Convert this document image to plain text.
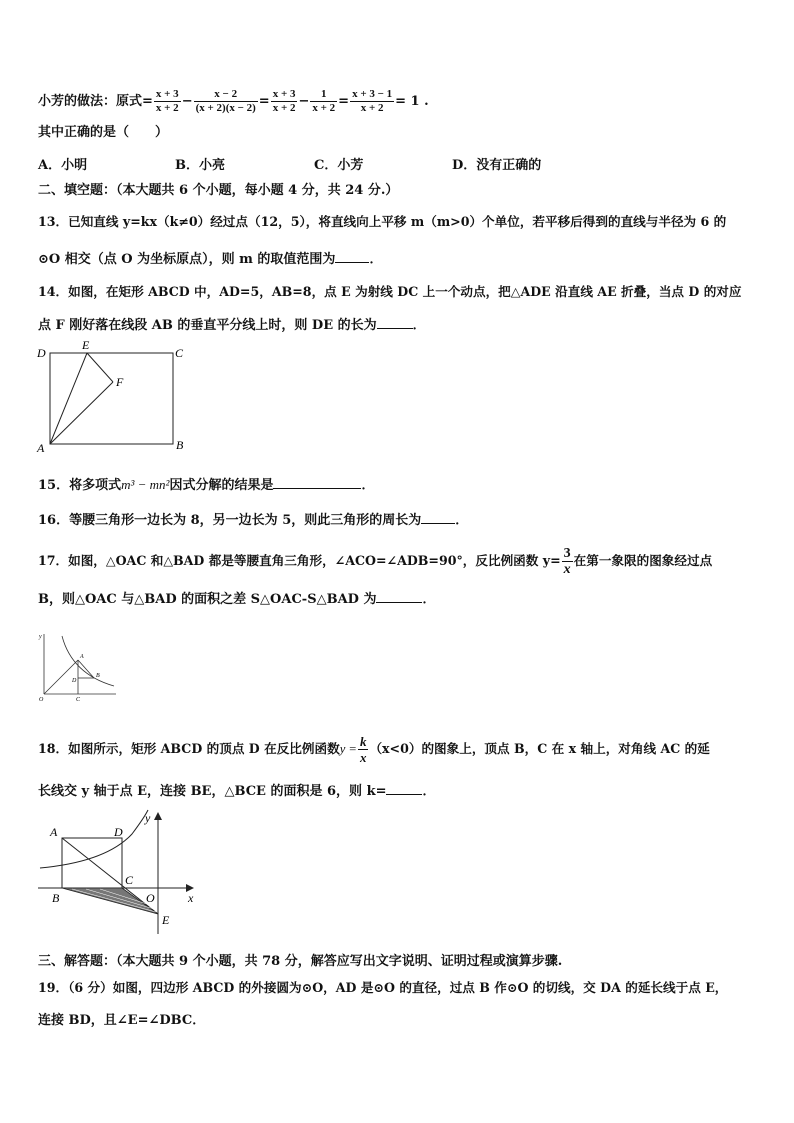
小芳的做法：原式= $\frac{x + 3}{x + 2} - \frac{x - 2}{(x + 2)(x - 2)} = \frac{x + 3}{x + 2} - \frac{1}{x + 2} = \frac{x + 3 - 1}{x + 2} = 1$ .
其中正确的是（　　）
A．小明	B．小亮	C．小芳	D．没有正确的
二、填空题：（本大题共 6 个小题，每小题 4 分，共 24 分.）
13．已知直线 y=kx（k≠0）经过点（12，5），将直线向上平移 m（m>0）个单位，若平移后得到的直线与半径为 6 的
⊙O 相交（点 O 为坐标原点），则 m 的取值范围为	．
14．如图，在矩形 ABCD 中，AD=5，AB=8，点 E 为射线 DC 上一个动点，把△ADE 沿直线 AE 折叠，当点 D 的对应
点 F 刚好落在线段 AB 的垂直平分线上时，则 DE 的长为	．
D
E
C
F
A	B
15．将多项式m³ − mn²因式分解的结果是	．
16．等腰三角形一边长为 8，另一边长为 5，则此三角形的周长为	．
17．如图，△OAC 和△BAD 都是等腰直角三角形，∠ACO=∠ADB=90°，反比例函数 $y= \frac{3}{x}$ 在第一象限的图象经过点
B，则△OAC 与△BAD 的面积之差 S△OAC-S△BAD 为	．
y
O	C
A
D
B
18．如图所示，矩形 ABCD 的顶点 D 在反比例函数$y = \frac{k}{x} (x<0)$的图象上，顶点 B，C 在 x 轴上，对角线 AC 的延
长线交 y 轴于点 E，连接 BE，△BCE 的面积是 6，则 k=	．
A	D
y
C
O	x
B
E
三、解答题：（本大题共 9 个小题，共 78 分，解答应写出文字说明、证明过程或演算步骤.
19．（6 分）如图，四边形 ABCD 的外接圆为⊙O，AD 是⊙O 的直径，过点 B 作⊙O 的切线，交 DA 的延长线于点 E，
连接 BD，且∠E=∠DBC．
